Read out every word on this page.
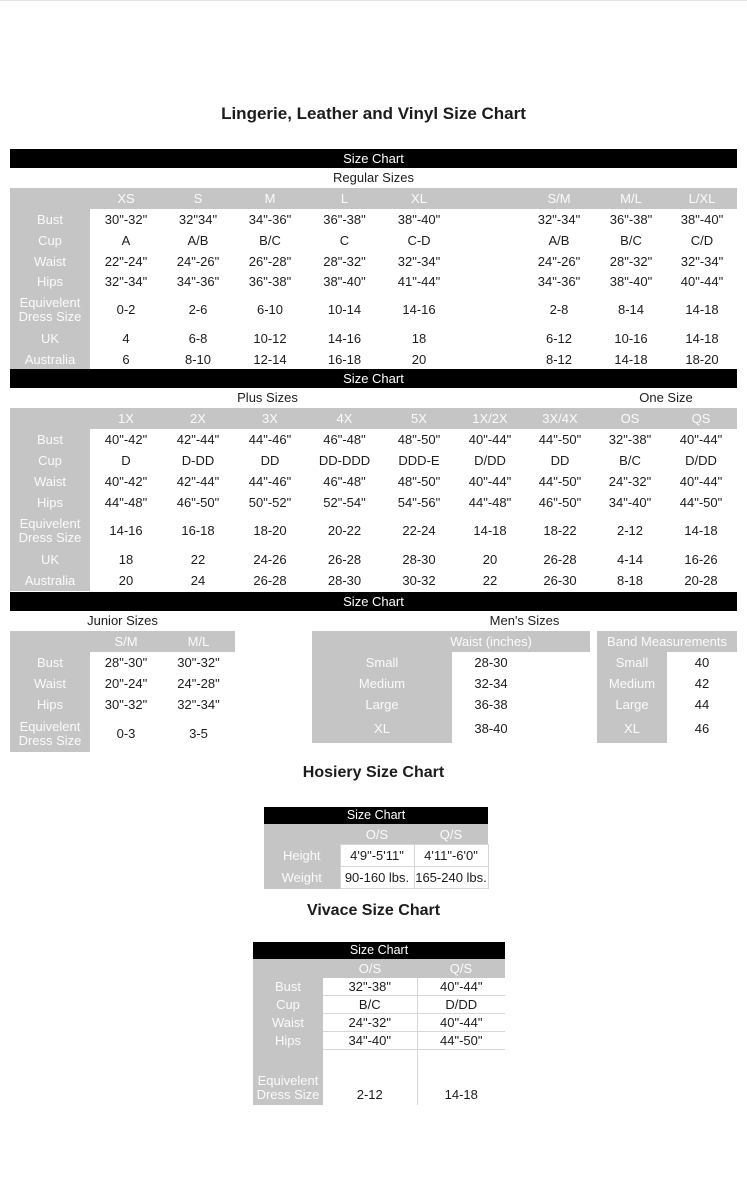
Lingerie, Leather and Vinyl Size Chart
Size Chart
Regular Sizes
	XS	S	M	L	XL		S/M	M/L	L/XL
Bust	30"-32"	32"34"	34"-36"	36"-38"	38"-40"		32"-34"	36"-38"	38"-40"
Cup	A	A/B	B/C	C	C-D		A/B	B/C	C/D
Waist	22"-24"	24"-26"	26"-28"	28"-32"	32"-34"		24"-26"	28"-32"	32"-34"
Hips	32"-34"	34"-36"	36"-38"	38"-40"	41"-44"		34"-36"	38"-40"	40"-44"
Equivelent Dress Size	0-2	2-6	6-10	10-14	14-16		2-8	8-14	14-18
UK	4	6-8	10-12	14-16	18		6-12	10-16	14-18
Australia	6	8-10	12-14	16-18	20		8-12	14-18	18-20
Size Chart
Plus Sizes	One Size
	1X	2X	3X	4X	5X	1X/2X	3X/4X	OS	QS
Bust	40"-42"	42"-44"	44"-46"	46"-48"	48"-50"	40"-44"	44"-50"	32"-38"	40"-44"
Cup	D	D-DD	DD	DD-DDD	DDD-E	D/DD	DD	B/C	D/DD
Waist	40"-42"	42"-44"	44"-46"	46"-48"	48"-50"	40"-44"	44"-50"	24"-32"	40"-44"
Hips	44"-48"	46"-50"	50"-52"	52"-54"	54"-56"	44"-48"	46"-50"	34"-40"	44"-50"
Equivelent Dress Size	14-16	16-18	18-20	20-22	22-24	14-18	18-22	2-12	14-18
UK	18	22	24-26	26-28	28-30	20	26-28	4-14	16-26
Australia	20	24	26-28	28-30	30-32	22	26-30	8-18	20-28
Size Chart
Junior Sizes	Men's Sizes
	S/M	M/L
Bust	28"-30"	30"-32"
Waist	20"-24"	24"-28"
Hips	30"-32"	32"-34"
Equivelent Dress Size	0-3	3-5
Waist (inches)	
Small	28-30
Medium	32-34
Large	36-38
XL	38-40
Band Measurements	
Small	40
Medium	42
Large	44
XL	46
Hosiery Size Chart
Size Chart
	O/S	Q/S
Height	4'9"-5'11"	4'11"-6'0"
Weight	90-160 lbs.	165-240 lbs.
Vivace Size Chart
Size Chart
	O/S	Q/S
Bust	32"-38"	40"-44"
Cup	B/C	D/DD
Waist	24"-32"	40"-44"
Hips	34"-40"	44"-50"

Equivelent Dress Size	2-12	14-18
